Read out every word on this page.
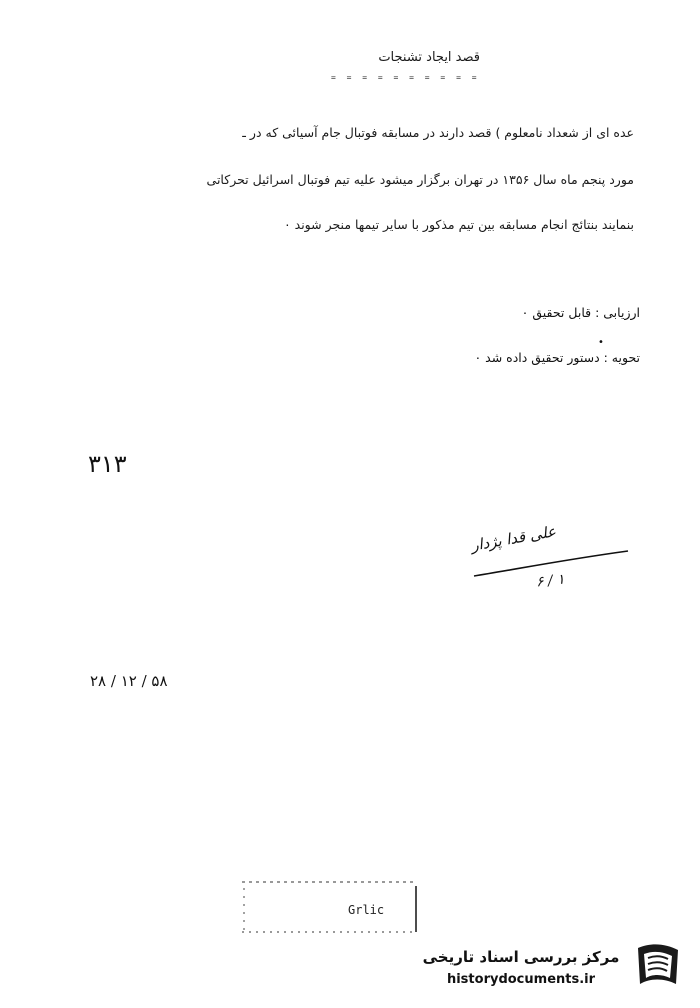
قصد ایجاد تشنجات
= = = = = = = = = =
عده ای از شعداد نامعلوم ) قصد دارند در مسابقه فوتبال جام آسیائی که در ـ
مورد پنجم ماه سال ۱۳۵۶ در تهران برگزار میشود علیه تیم فوتبال اسرائیل تحرکاتی
بنمایند بنتائج انجام مسابقه بین تیم مذکور با سایر تیمها منجر شوند ۰
ارزیابی : قابل تحقیق ۰
•
تحویه : دستور تحقیق داده شد ۰
۳۱۳
علی قدا پژدار
۶ / ۱
۲۸ / ۱۲ / ۵۸
Grlic
مرکز بررسی اسناد تاریخی
historydocuments.ir
